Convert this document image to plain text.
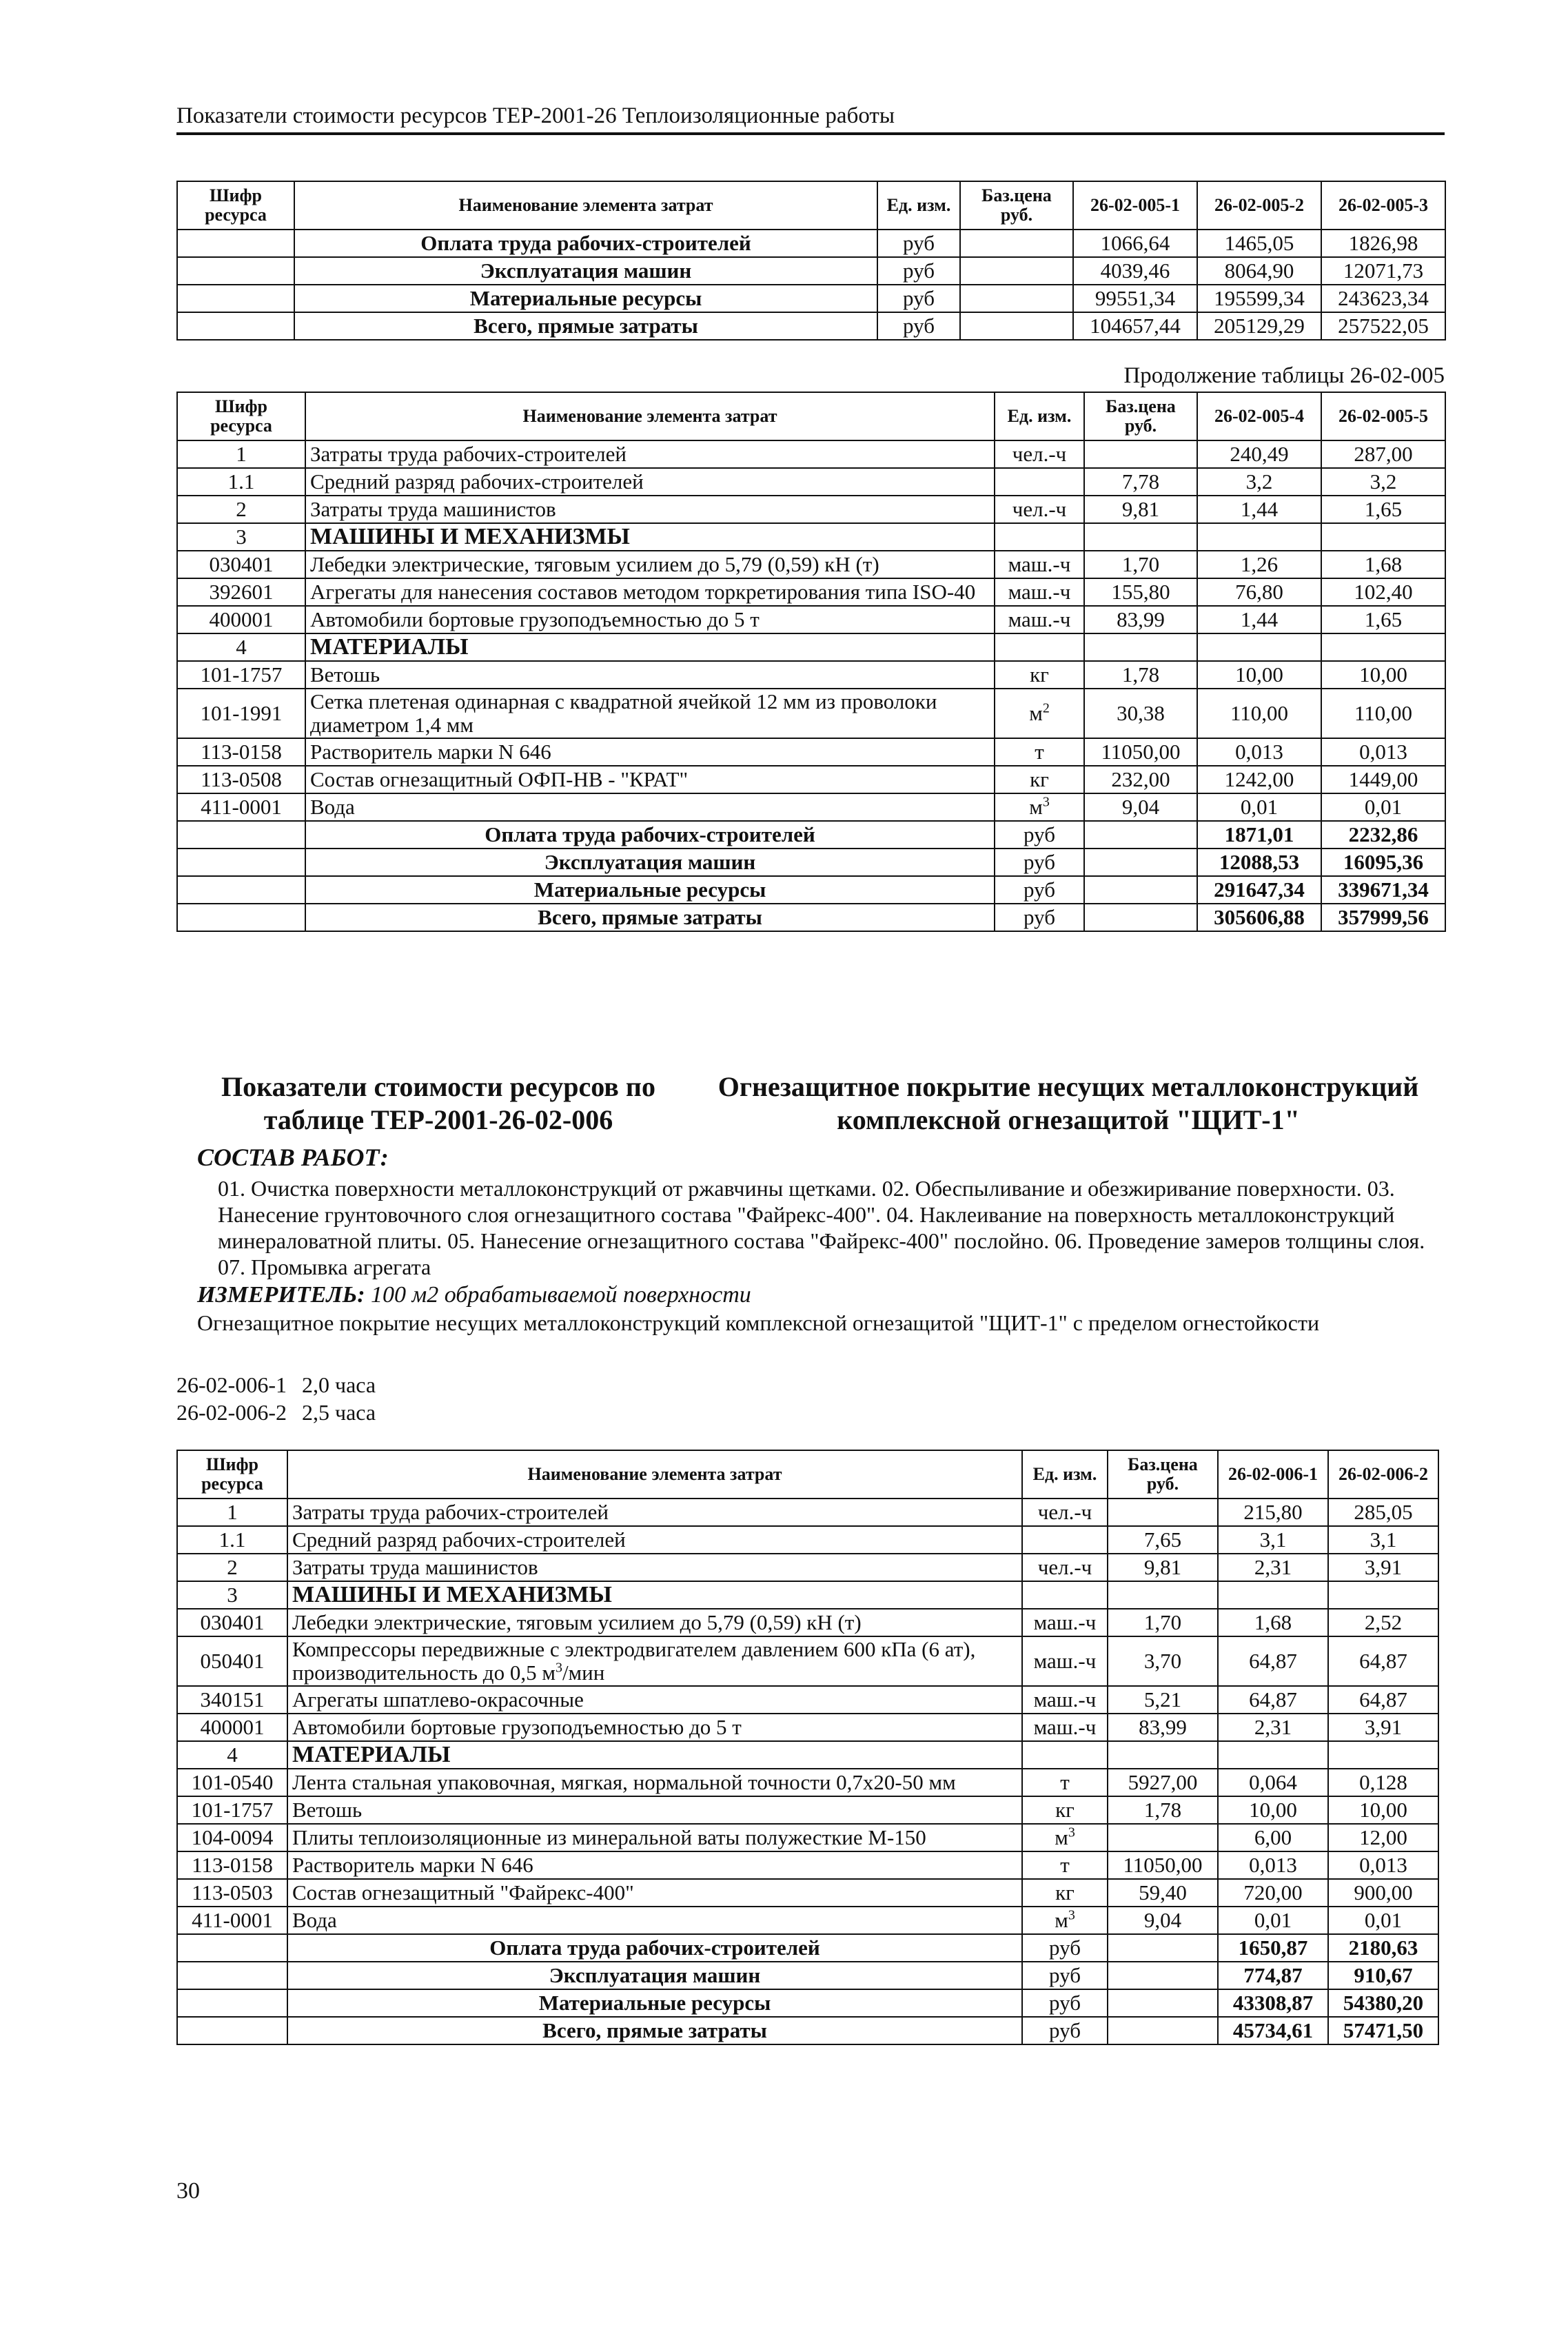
Показатели стоимости ресурсов ТЕР-2001-26 Теплоизоляционные работы
Шифр ресурса	Наименование элемента затрат	Ед. изм.	Баз.цена руб.	26-02-005-1	26-02-005-2	26-02-005-3
	Оплата труда рабочих-строителей	руб		1066,64	1465,05	1826,98
	Эксплуатация машин	руб		4039,46	8064,90	12071,73
	Материальные ресурсы	руб		99551,34	195599,34	243623,34
	Всего, прямые затраты	руб		104657,44	205129,29	257522,05
Продолжение таблицы 26-02-005
Шифр ресурса	Наименование элемента затрат	Ед. изм.	Баз.цена руб.	26-02-005-4	26-02-005-5
1	Затраты труда рабочих-строителей	чел.-ч		240,49	287,00
1.1	Средний разряд рабочих-строителей		7,78	3,2	3,2
2	Затраты труда машинистов	чел.-ч	9,81	1,44	1,65
3	МАШИНЫ И МЕХАНИЗМЫ				
030401	Лебедки электрические, тяговым усилием до 5,79 (0,59) кН (т)	маш.-ч	1,70	1,26	1,68
392601	Агрегаты для нанесения составов методом торкретирования типа ISO-40	маш.-ч	155,80	76,80	102,40
400001	Автомобили бортовые грузоподъемностью до 5 т	маш.-ч	83,99	1,44	1,65
4	МАТЕРИАЛЫ				
101-1757	Ветошь	кг	1,78	10,00	10,00
101-1991	Сетка плетеная одинарная с квадратной ячейкой 12 мм из проволоки диаметром 1,4 мм	$м^2$	30,38	110,00	110,00
113-0158	Растворитель марки N 646	т	11050,00	0,013	0,013
113-0508	Состав огнезащитный ОФП-НВ - "КРАТ"	кг	232,00	1242,00	1449,00
411-0001	Вода	$м^3$	9,04	0,01	0,01
	Оплата труда рабочих-строителей	руб		1871,01	2232,86
	Эксплуатация машин	руб		12088,53	16095,36
	Материальные ресурсы	руб		291647,34	339671,34
	Всего, прямые затраты	руб		305606,88	357999,56
Показатели стоимости ресурсов по таблице ТЕР-2001-26-02-006
Огнезащитное покрытие несущих металлоконструкций комплексной огнезащитой "ЩИТ-1"
СОСТАВ РАБОТ:
01. Очистка поверхности металлоконструкций от ржавчины щетками. 02. Обеспыливание и обезжиривание поверхности. 03. Нанесение грунтовочного слоя огнезащитного состава "Файрекс-400". 04. Наклеивание на поверхность металлоконструкций минераловатной плиты. 05. Нанесение огнезащитного состава "Файрекс-400" послойно. 06. Проведение замеров толщины слоя. 07. Промывка агрегата
ИЗМЕРИТЕЛЬ: 100 м2 обрабатываемой поверхности
Огнезащитное покрытие несущих металлоконструкций комплексной огнезащитой "ЩИТ-1" с пределом огнестойкости
26-02-006-1 2,0 часа
26-02-006-2 2,5 часа
Шифр ресурса	Наименование элемента затрат	Ед. изм.	Баз.цена руб.	26-02-006-1	26-02-006-2
1	Затраты труда рабочих-строителей	чел.-ч		215,80	285,05
1.1	Средний разряд рабочих-строителей		7,65	3,1	3,1
2	Затраты труда машинистов	чел.-ч	9,81	2,31	3,91
3	МАШИНЫ И МЕХАНИЗМЫ				
030401	Лебедки электрические, тяговым усилием до 5,79 (0,59) кН (т)	маш.-ч	1,70	1,68	2,52
050401	Компрессоры передвижные с электродвигателем давлением 600 кПа (6 ат), производительность до 0,5 $м^3$/мин	маш.-ч	3,70	64,87	64,87
340151	Агрегаты шпатлево-окрасочные	маш.-ч	5,21	64,87	64,87
400001	Автомобили бортовые грузоподъемностью до 5 т	маш.-ч	83,99	2,31	3,91
4	МАТЕРИАЛЫ				
101-0540	Лента стальная упаковочная, мягкая, нормальной точности 0,7х20-50 мм	т	5927,00	0,064	0,128
101-1757	Ветошь	кг	1,78	10,00	10,00
104-0094	Плиты теплоизоляционные из минеральной ваты полужесткие М-150	$м^3$		6,00	12,00
113-0158	Растворитель марки N 646	т	11050,00	0,013	0,013
113-0503	Состав огнезащитный "Файрекс-400"	кг	59,40	720,00	900,00
411-0001	Вода	$м^3$	9,04	0,01	0,01
	Оплата труда рабочих-строителей	руб		1650,87	2180,63
	Эксплуатация машин	руб		774,87	910,67
	Материальные ресурсы	руб		43308,87	54380,20
	Всего, прямые затраты	руб		45734,61	57471,50
30
